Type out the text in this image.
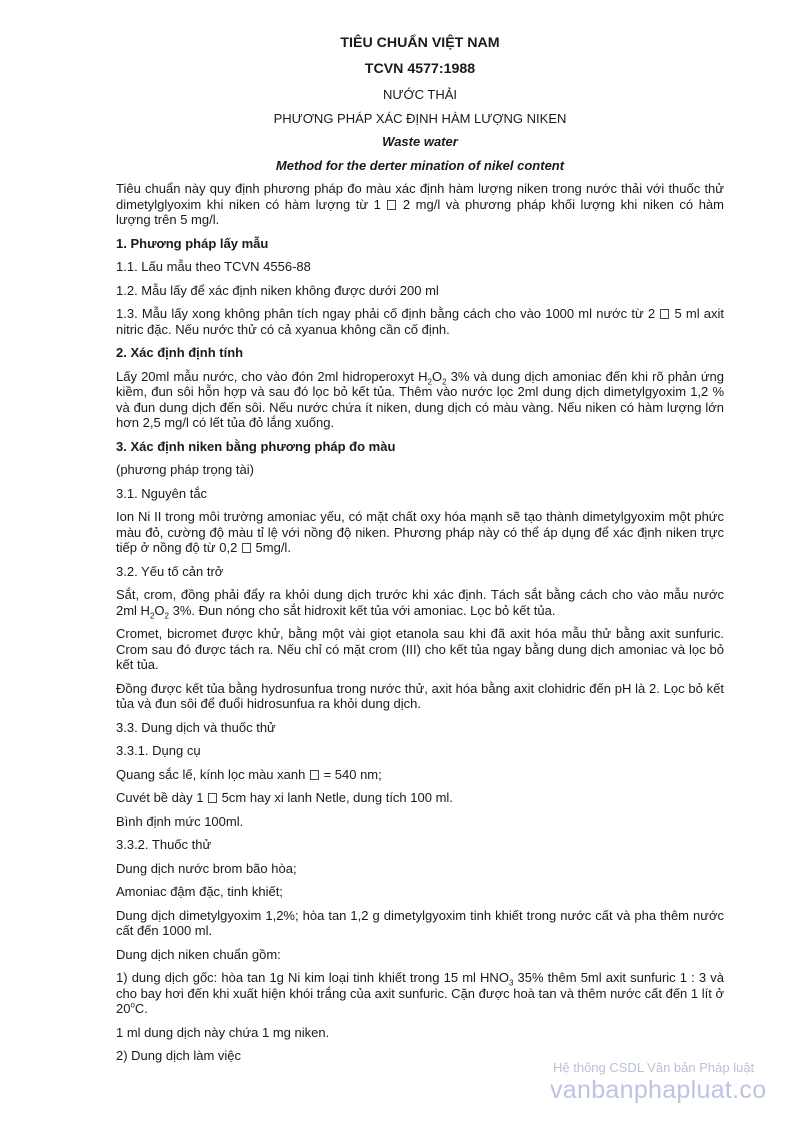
TIÊU CHUẨN VIỆT NAM
TCVN 4577:1988
NƯỚC THẢI
PHƯƠNG PHÁP XÁC ĐỊNH HÀM LƯỢNG NIKEN
Waste water
Method for the derter mination of nikel content

Tiêu chuẩn này quy định phương pháp đo màu xác định hàm lượng niken trong nước thải với thuốc thử dimetylglyoxim khi niken có hàm lượng từ 1  2 mg/l và phương pháp khối lượng khi niken có hàm lượng trên 5 mg/l.

1. Phương pháp lấy mẫu

1.1. Lấu mẫu theo TCVN 4556-88

1.2. Mẫu lấy để xác định niken không được dưới 200 ml

1.3. Mẫu lấy xong không phân tích ngay phải cố định bằng cách cho vào 1000 ml nước từ 2  5 ml axit nitric đặc. Nếu nước thử có cả xyanua không cần cố định.

2. Xác định định tính

Lấy 20ml mẫu nước, cho vào đón 2ml hidroperoxyt $H_2O_2$ 3% và dung dịch amoniac đến khi rõ phản ứng kiềm, đun sôi hỗn hợp và sau đó lọc bỏ kết tủa. Thêm vào nước lọc 2ml dung dịch dimetylgyoxim 1,2 % và đun dung dịch đến sôi. Nếu nước chứa ít niken, dung dịch có màu vàng. Nếu niken có hàm lượng lớn hơn 2,5 mg/l có lết tủa đỏ lắng xuống.

3. Xác định niken bằng phương pháp đo màu

(phương pháp trọng tài)

3.1. Nguyên tắc

Ion Ni II trong môi trường amoniac yếu, có mặt chất oxy hóa mạnh sẽ tạo thành dimetylgyoxim một phức màu đỏ, cường độ màu tỉ lệ với nồng độ niken. Phương pháp này có thể áp dụng để xác định niken trực tiếp ở nồng độ từ 0,2  5mg/l.

3.2. Yếu tố cản trở

Sắt, crom, đồng phải đẩy ra khỏi dung dịch trước khi xác định. Tách sắt bằng cách cho vào mẫu nước 2ml $H_2O_2$ 3%. Đun nóng cho sắt hidroxit kết tủa với amoniac. Lọc bỏ kết tủa.

Cromet, bicromet được khử, bằng một vài giọt etanola sau khi đã axit hóa mẫu thử bằng axit sunfuric. Crom sau đó được tách ra. Nếu chỉ có mặt crom (III) cho kết tủa ngay bằng dung dịch amoniac và lọc bỏ kết tủa.

Đồng được kết tủa bằng hydrosunfua trong nước thử, axit hóa bằng axit clohidric đến pH là 2. Lọc bỏ kết tủa và đun sôi để đuổi hidrosunfua ra khỏi dung dịch.

3.3. Dung dịch và thuốc thử

3.3.1. Dụng cụ

Quang sắc lế, kính lọc màu xanh  = 540 nm;

Cuvét bề dày 1  5cm hay xi lanh Netle, dung tích 100 ml.

Bình định mức 100ml.

3.3.2. Thuốc thử

Dung dịch nước brom bão hòa;

Amoniac đậm đặc, tinh khiết;

Dung dịch dimetylgyoxim 1,2%; hòa tan 1,2 g dimetylgyoxim tinh khiết trong nước cất và pha thêm nước cất đến 1000 ml.

Dung dịch niken chuẩn gồm:

1) dung dịch gốc: hòa tan 1g Ni kim loại tinh khiết trong 15 ml $HNO_3$ 35% thêm 5ml axit sunfuric 1 : 3 và cho bay hơi đến khi xuất hiện khói trắng của axit sunfuric. Cặn được hoà tan và thêm nước cất đến 1 lít ở 20$^o$C.

1 ml dung dịch này chứa 1 mg niken.

2) Dung dịch làm việc

Hệ thống CSDL Văn bản Pháp luật
vanbanphapluat.co
